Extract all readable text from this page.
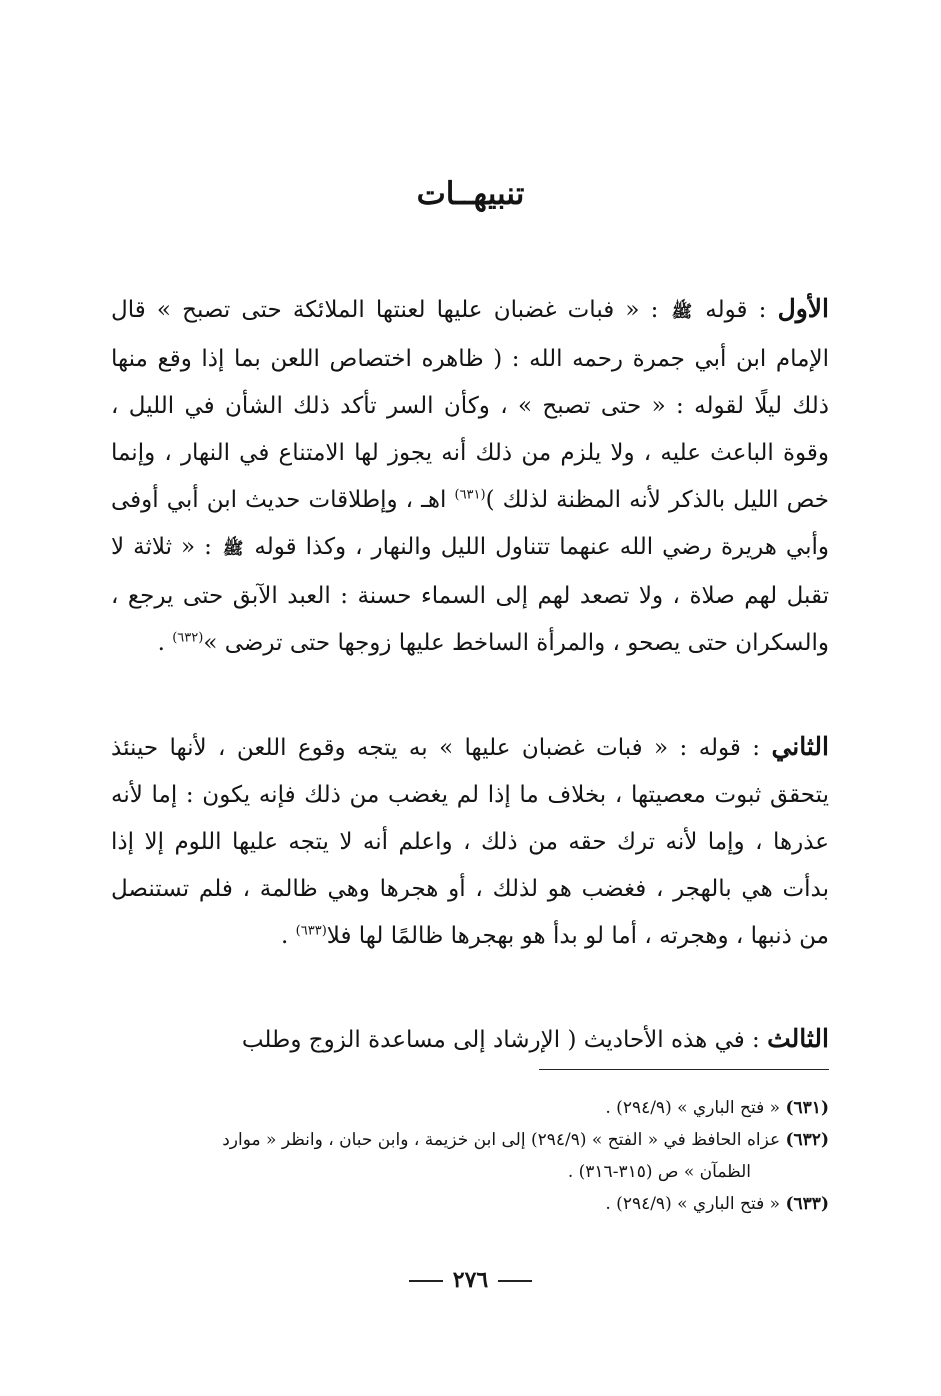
تنبيهــات

الأول : قوله ﷺ : « فبات غضبان عليها لعنتها الملائكة حتى تصبح » قال الإمام ابن أبي جمرة رحمه الله : ( ظاهره اختصاص اللعن بما إذا وقع منها ذلك ليلًا لقوله : « حتى تصبح » ، وكأن السر تأكد ذلك الشأن في الليل ، وقوة الباعث عليه ، ولا يلزم من ذلك أنه يجوز لها الامتناع في النهار ، وإنما خص الليل بالذكر لأنه المظنة لذلك )$^{(٦٣١)}$ اهـ ، وإطلاقات حديث ابن أبي أوفى وأبي هريرة رضي الله عنهما تتناول الليل والنهار ، وكذا قوله ﷺ : « ثلاثة لا تقبل لهم صلاة ، ولا تصعد لهم إلى السماء حسنة : العبد الآبق حتى يرجع ، والسكران حتى يصحو ، والمرأة الساخط عليها زوجها حتى ترضى »$^{(٦٣٢)}$ .

الثاني : قوله : « فبات غضبان عليها » به يتجه وقوع اللعن ، لأنها حينئذ يتحقق ثبوت معصيتها ، بخلاف ما إذا لم يغضب من ذلك فإنه يكون : إما لأنه عذرها ، وإما لأنه ترك حقه من ذلك ، واعلم أنه لا يتجه عليها اللوم إلا إذا بدأت هي بالهجر ، فغضب هو لذلك ، أو هجرها وهي ظالمة ، فلم تستنصل من ذنبها ، وهجرته ، أما لو بدأ هو بهجرها ظالمًا لها فلا$^{(٦٣٣)}$ .

الثالث : في هذه الأحاديث ( الإرشاد إلى مساعدة الزوج وطلب

(٦٣١) « فتح الباري » (٢٩٤/٩) .

(٦٣٢) عزاه الحافظ في « الفتح » (٢٩٤/٩) إلى ابن خزيمة ، وابن حبان ، وانظر « موارد

الظمآن » ص (٣١٥-٣١٦) .

(٦٣٣) « فتح الباري » (٢٩٤/٩) .

٢٧٦
